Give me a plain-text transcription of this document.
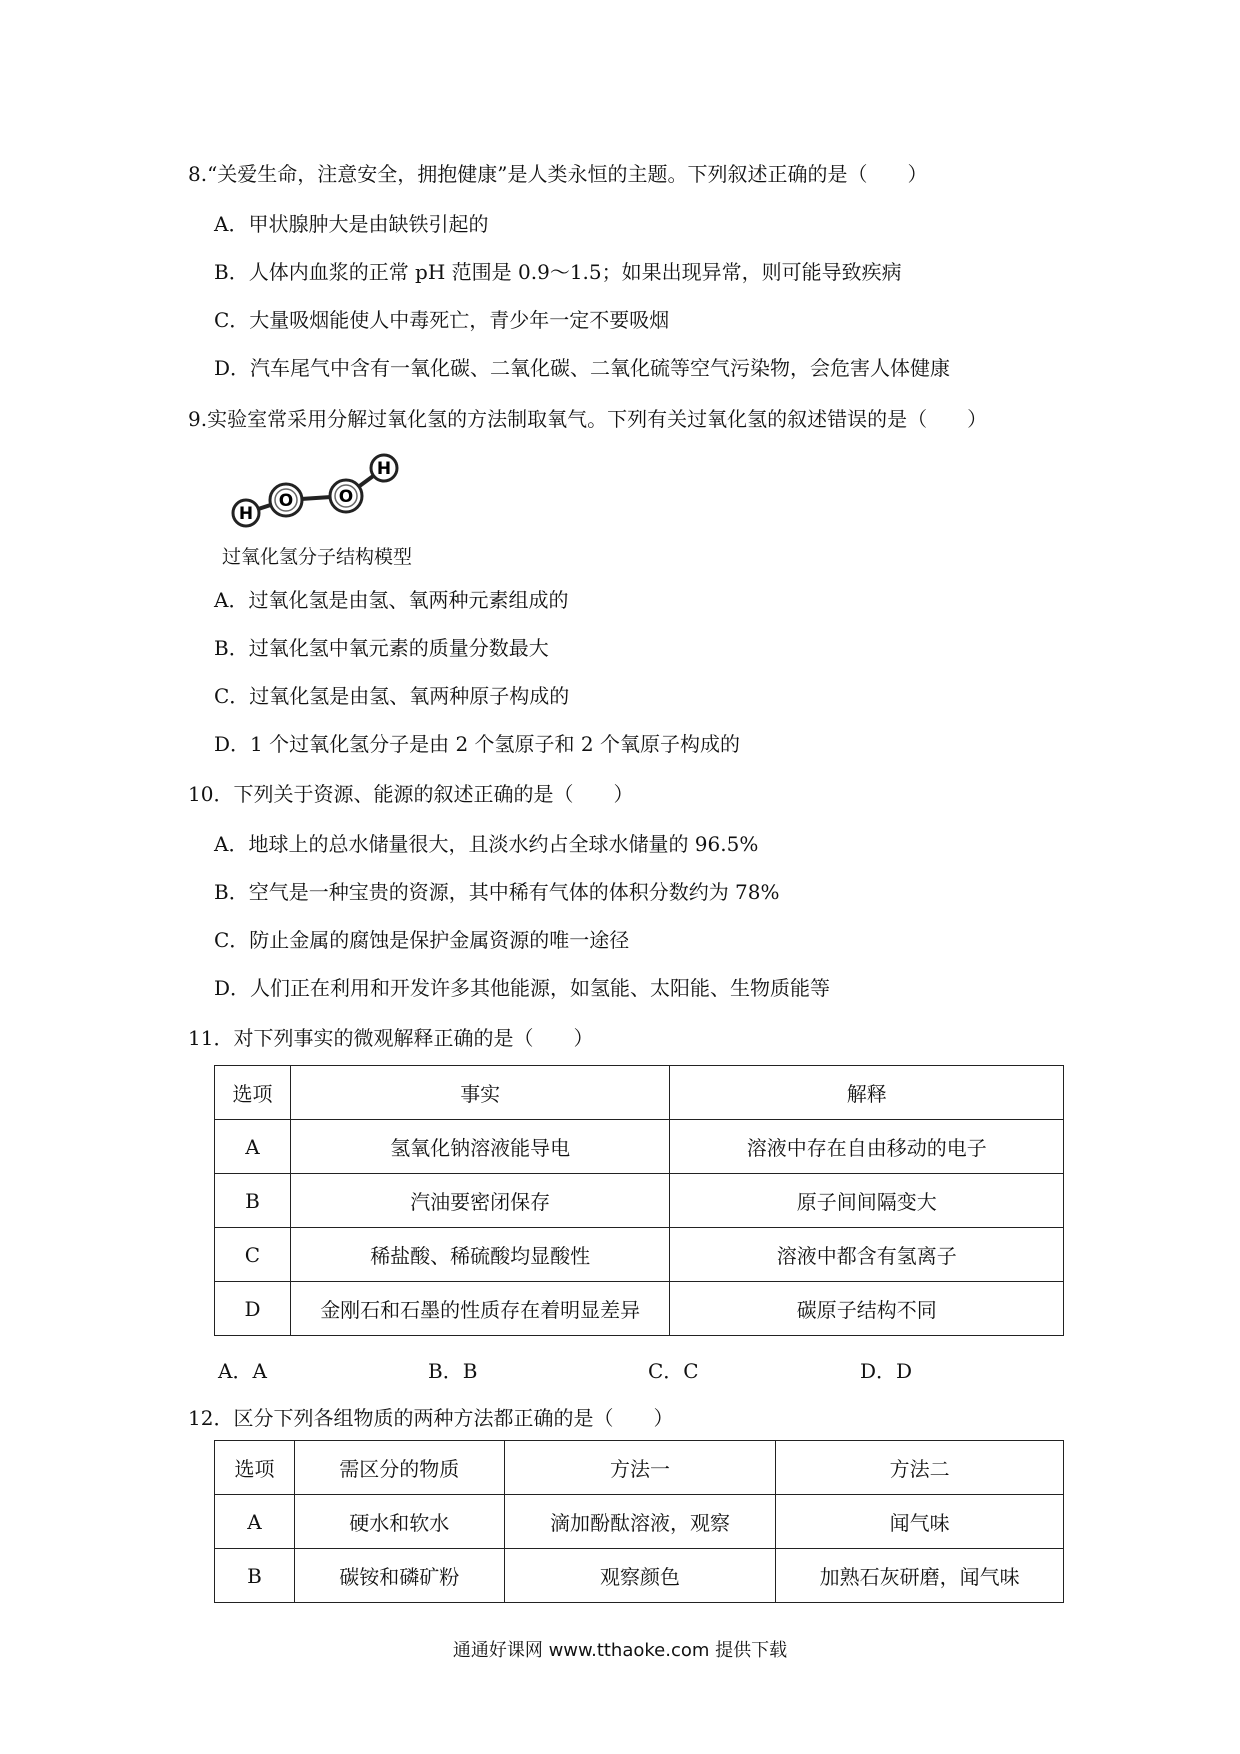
8.“关爱生命，注意安全，拥抱健康”是人类永恒的主题。下列叙述正确的是（　　）
A．甲状腺肿大是由缺铁引起的
B．人体内血浆的正常 pH 范围是 0.9～1.5；如果出现异常，则可能导致疾病
C．大量吸烟能使人中毒死亡，青少年一定不要吸烟
D．汽车尾气中含有一氧化碳、二氧化碳、二氧化硫等空气污染物，会危害人体健康
9.实验室常采用分解过氧化氢的方法制取氧气。下列有关过氧化氢的叙述错误的是（　　）
H
O	O
H
过氧化氢分子结构模型
A．过氧化氢是由氢、氧两种元素组成的
B．过氧化氢中氧元素的质量分数最大
C．过氧化氢是由氢、氧两种原子构成的
D．1 个过氧化氢分子是由 2 个氢原子和 2 个氧原子构成的
10．下列关于资源、能源的叙述正确的是（　　）
A．地球上的总水储量很大，且淡水约占全球水储量的 96.5%
B．空气是一种宝贵的资源，其中稀有气体的体积分数约为 78%
C．防止金属的腐蚀是保护金属资源的唯一途径
D．人们正在利用和开发许多其他能源，如氢能、太阳能、生物质能等
11．对下列事实的微观解释正确的是（　　）
选项	事实	解释
A	氢氧化钠溶液能导电	溶液中存在自由移动的电子
B	汽油要密闭保存	原子间间隔变大
C	稀盐酸、稀硫酸均显酸性	溶液中都含有氢离子
D	金刚石和石墨的性质存在着明显差异	碳原子结构不同
A．A	B．B	C．C	D．D
12．区分下列各组物质的两种方法都正确的是（　　）
选项	需区分的物质	方法一	方法二
A	硬水和软水	滴加酚酞溶液，观察	闻气味
B	碳铵和磷矿粉	观察颜色	加熟石灰研磨，闻气味
通通好课网 www.tthaoke.com 提供下载
